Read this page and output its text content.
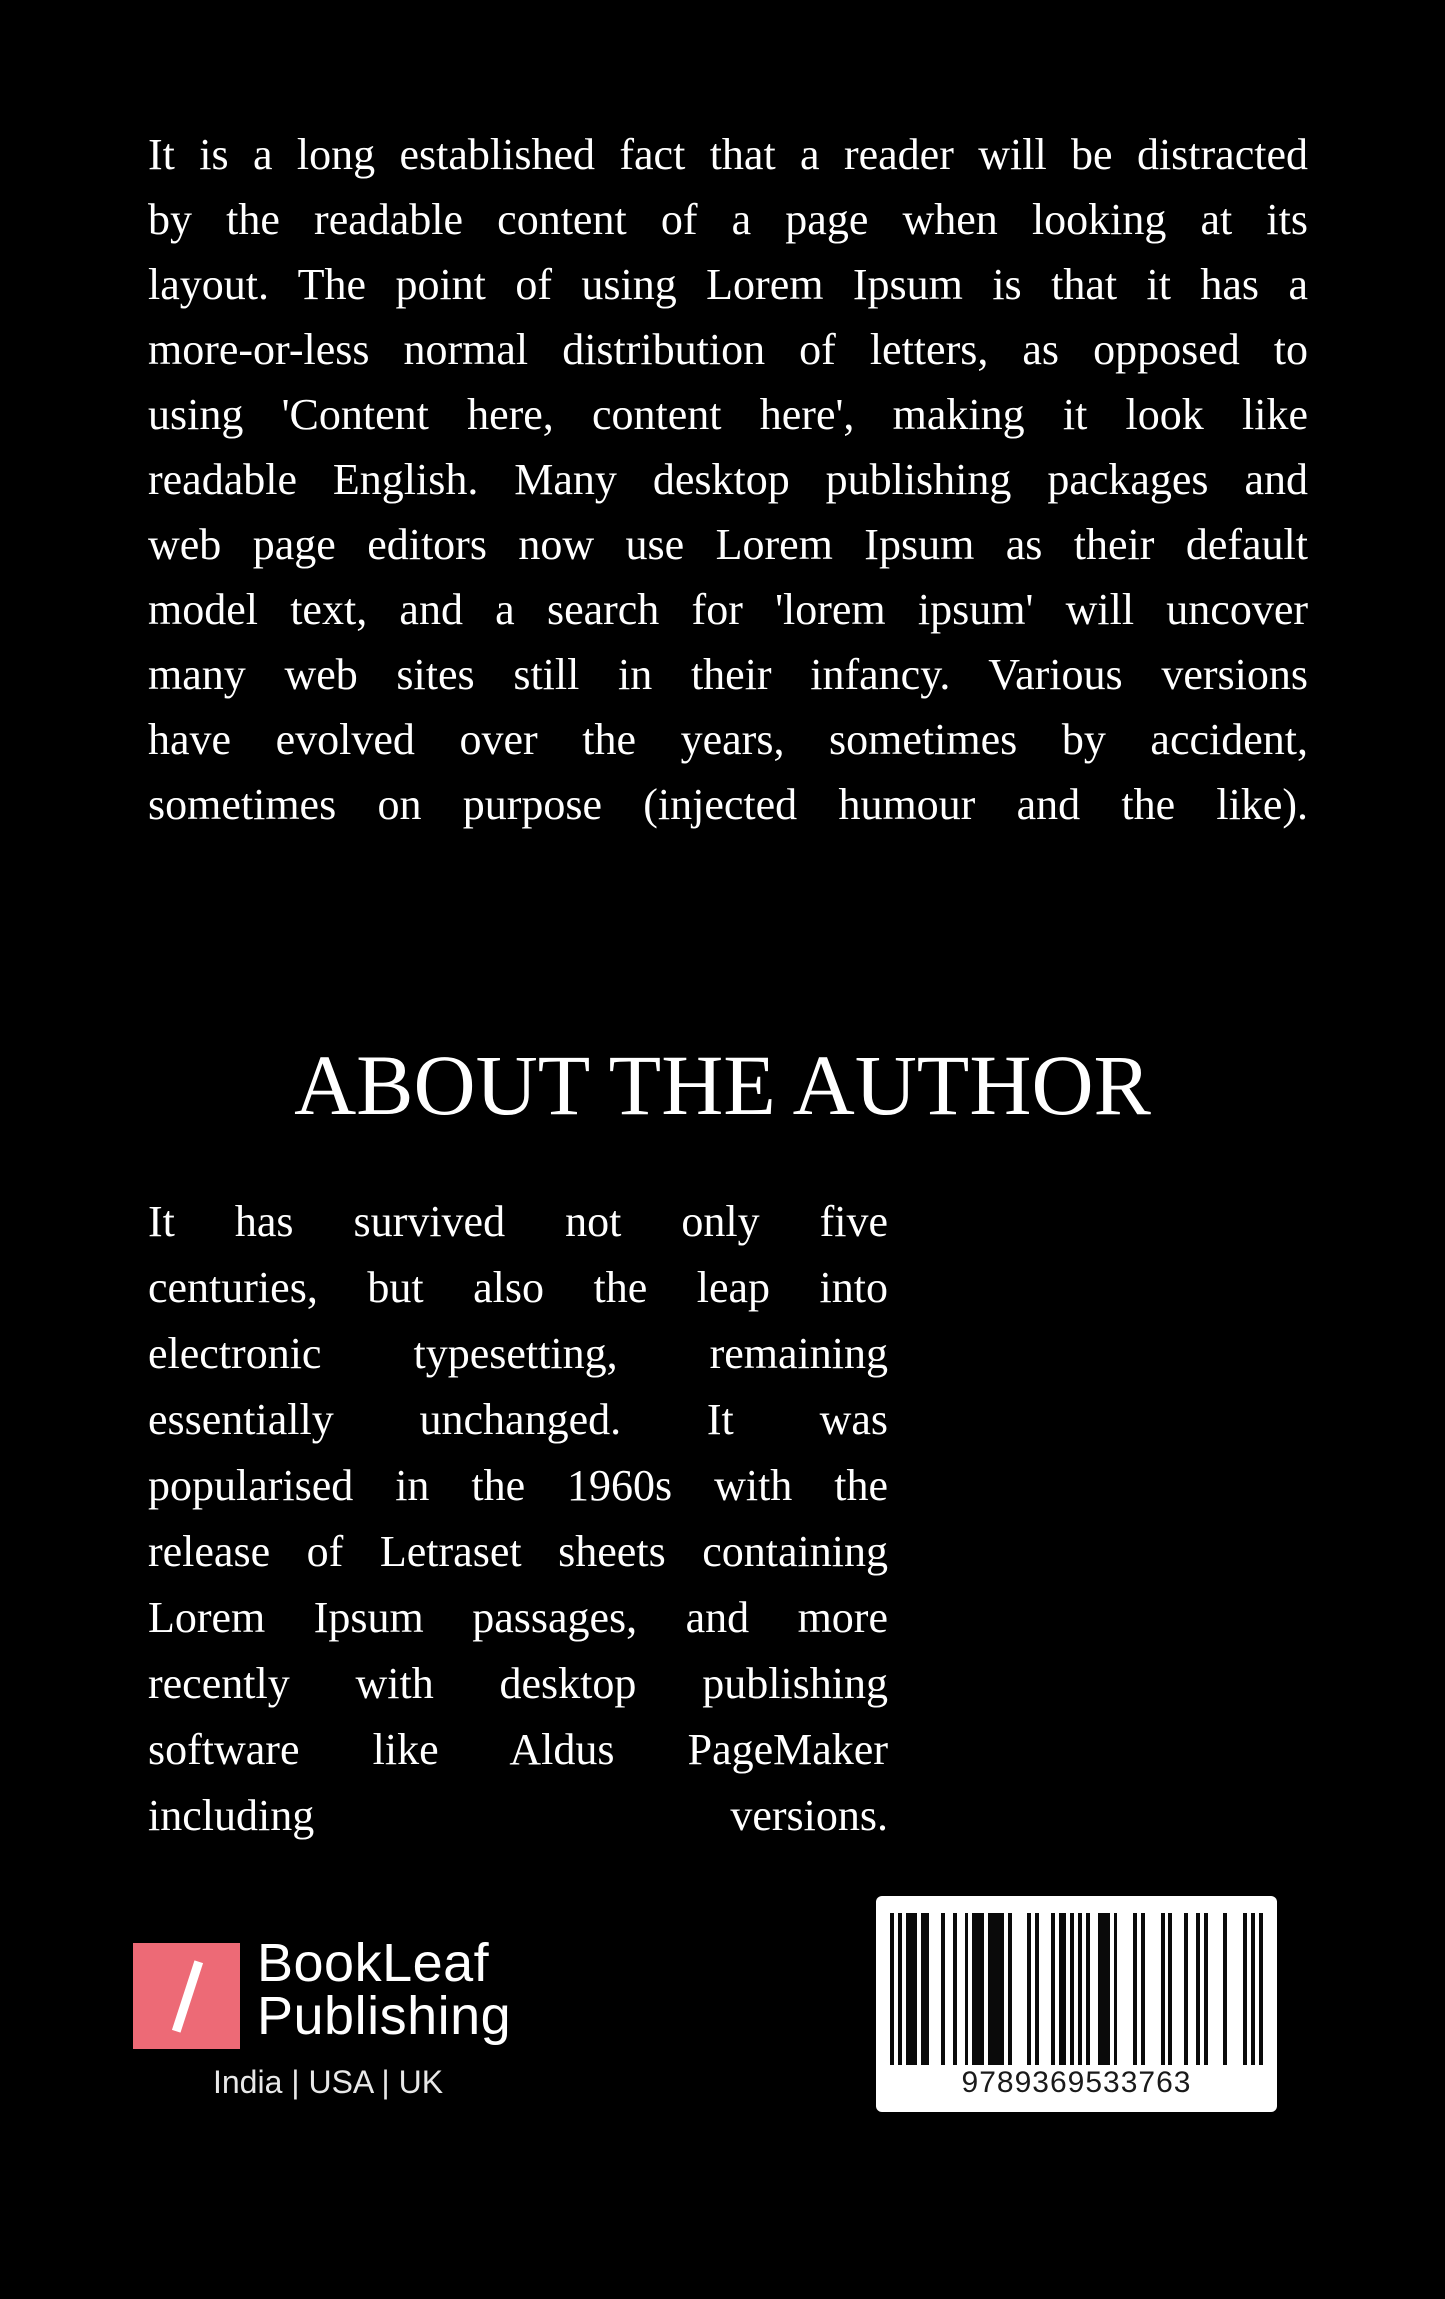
It is a long established fact that a reader will be distracted
by the readable content of a page when looking at its
layout. The point of using Lorem Ipsum is that it has a
more-or-less normal distribution of letters, as opposed to
using 'Content here, content here', making it look like
readable English. Many desktop publishing packages and
web page editors now use Lorem Ipsum as their default
model text, and a search for 'lorem ipsum' will uncover
many web sites still in their infancy. Various versions
have evolved over the years, sometimes by accident,
sometimes on purpose (injected humour and the like).
ABOUT THE AUTHOR
It has survived not only five
centuries, but also the leap into
electronic typesetting, remaining
essentially unchanged. It was
popularised in the 1960s with the
release of Letraset sheets containing
Lorem Ipsum passages, and more
recently with desktop publishing
software like Aldus PageMaker
including versions.
BookLeaf
Publishing
India | USA | UK	9789369533763
